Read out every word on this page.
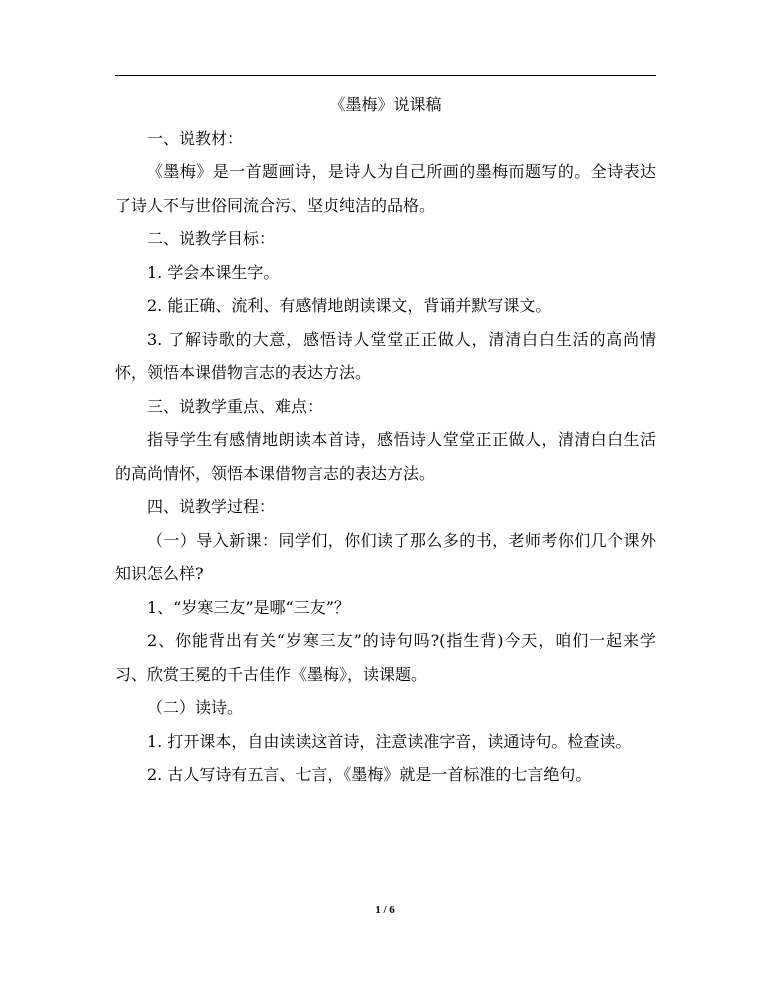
《墨梅》说课稿

一、说教材：

《墨梅》是一首题画诗，是诗人为自己所画的墨梅而题写的。全诗表达了诗人不与世俗同流合污、坚贞纯洁的品格。

二、说教学目标：

1. 学会本课生字。

2. 能正确、流利、有感情地朗读课文，背诵并默写课文。

3. 了解诗歌的大意，感悟诗人堂堂正正做人，清清白白生活的高尚情怀，领悟本课借物言志的表达方法。

三、说教学重点、难点：

指导学生有感情地朗读本首诗，感悟诗人堂堂正正做人，清清白白生活的高尚情怀，领悟本课借物言志的表达方法。

四、说教学过程：

（一）导入新课：同学们，你们读了那么多的书，老师考你们几个课外知识怎么样?

1、“岁寒三友”是哪“三友”？

2、你能背出有关“岁寒三友”的诗句吗?(指生背)今天，咱们一起来学习、欣赏王冕的千古佳作《墨梅》，读课题。

（二）读诗。

1. 打开课本，自由读读这首诗，注意读准字音，读通诗句。检查读。

2. 古人写诗有五言、七言，《墨梅》就是一首标准的七言绝句。

1 / 6
